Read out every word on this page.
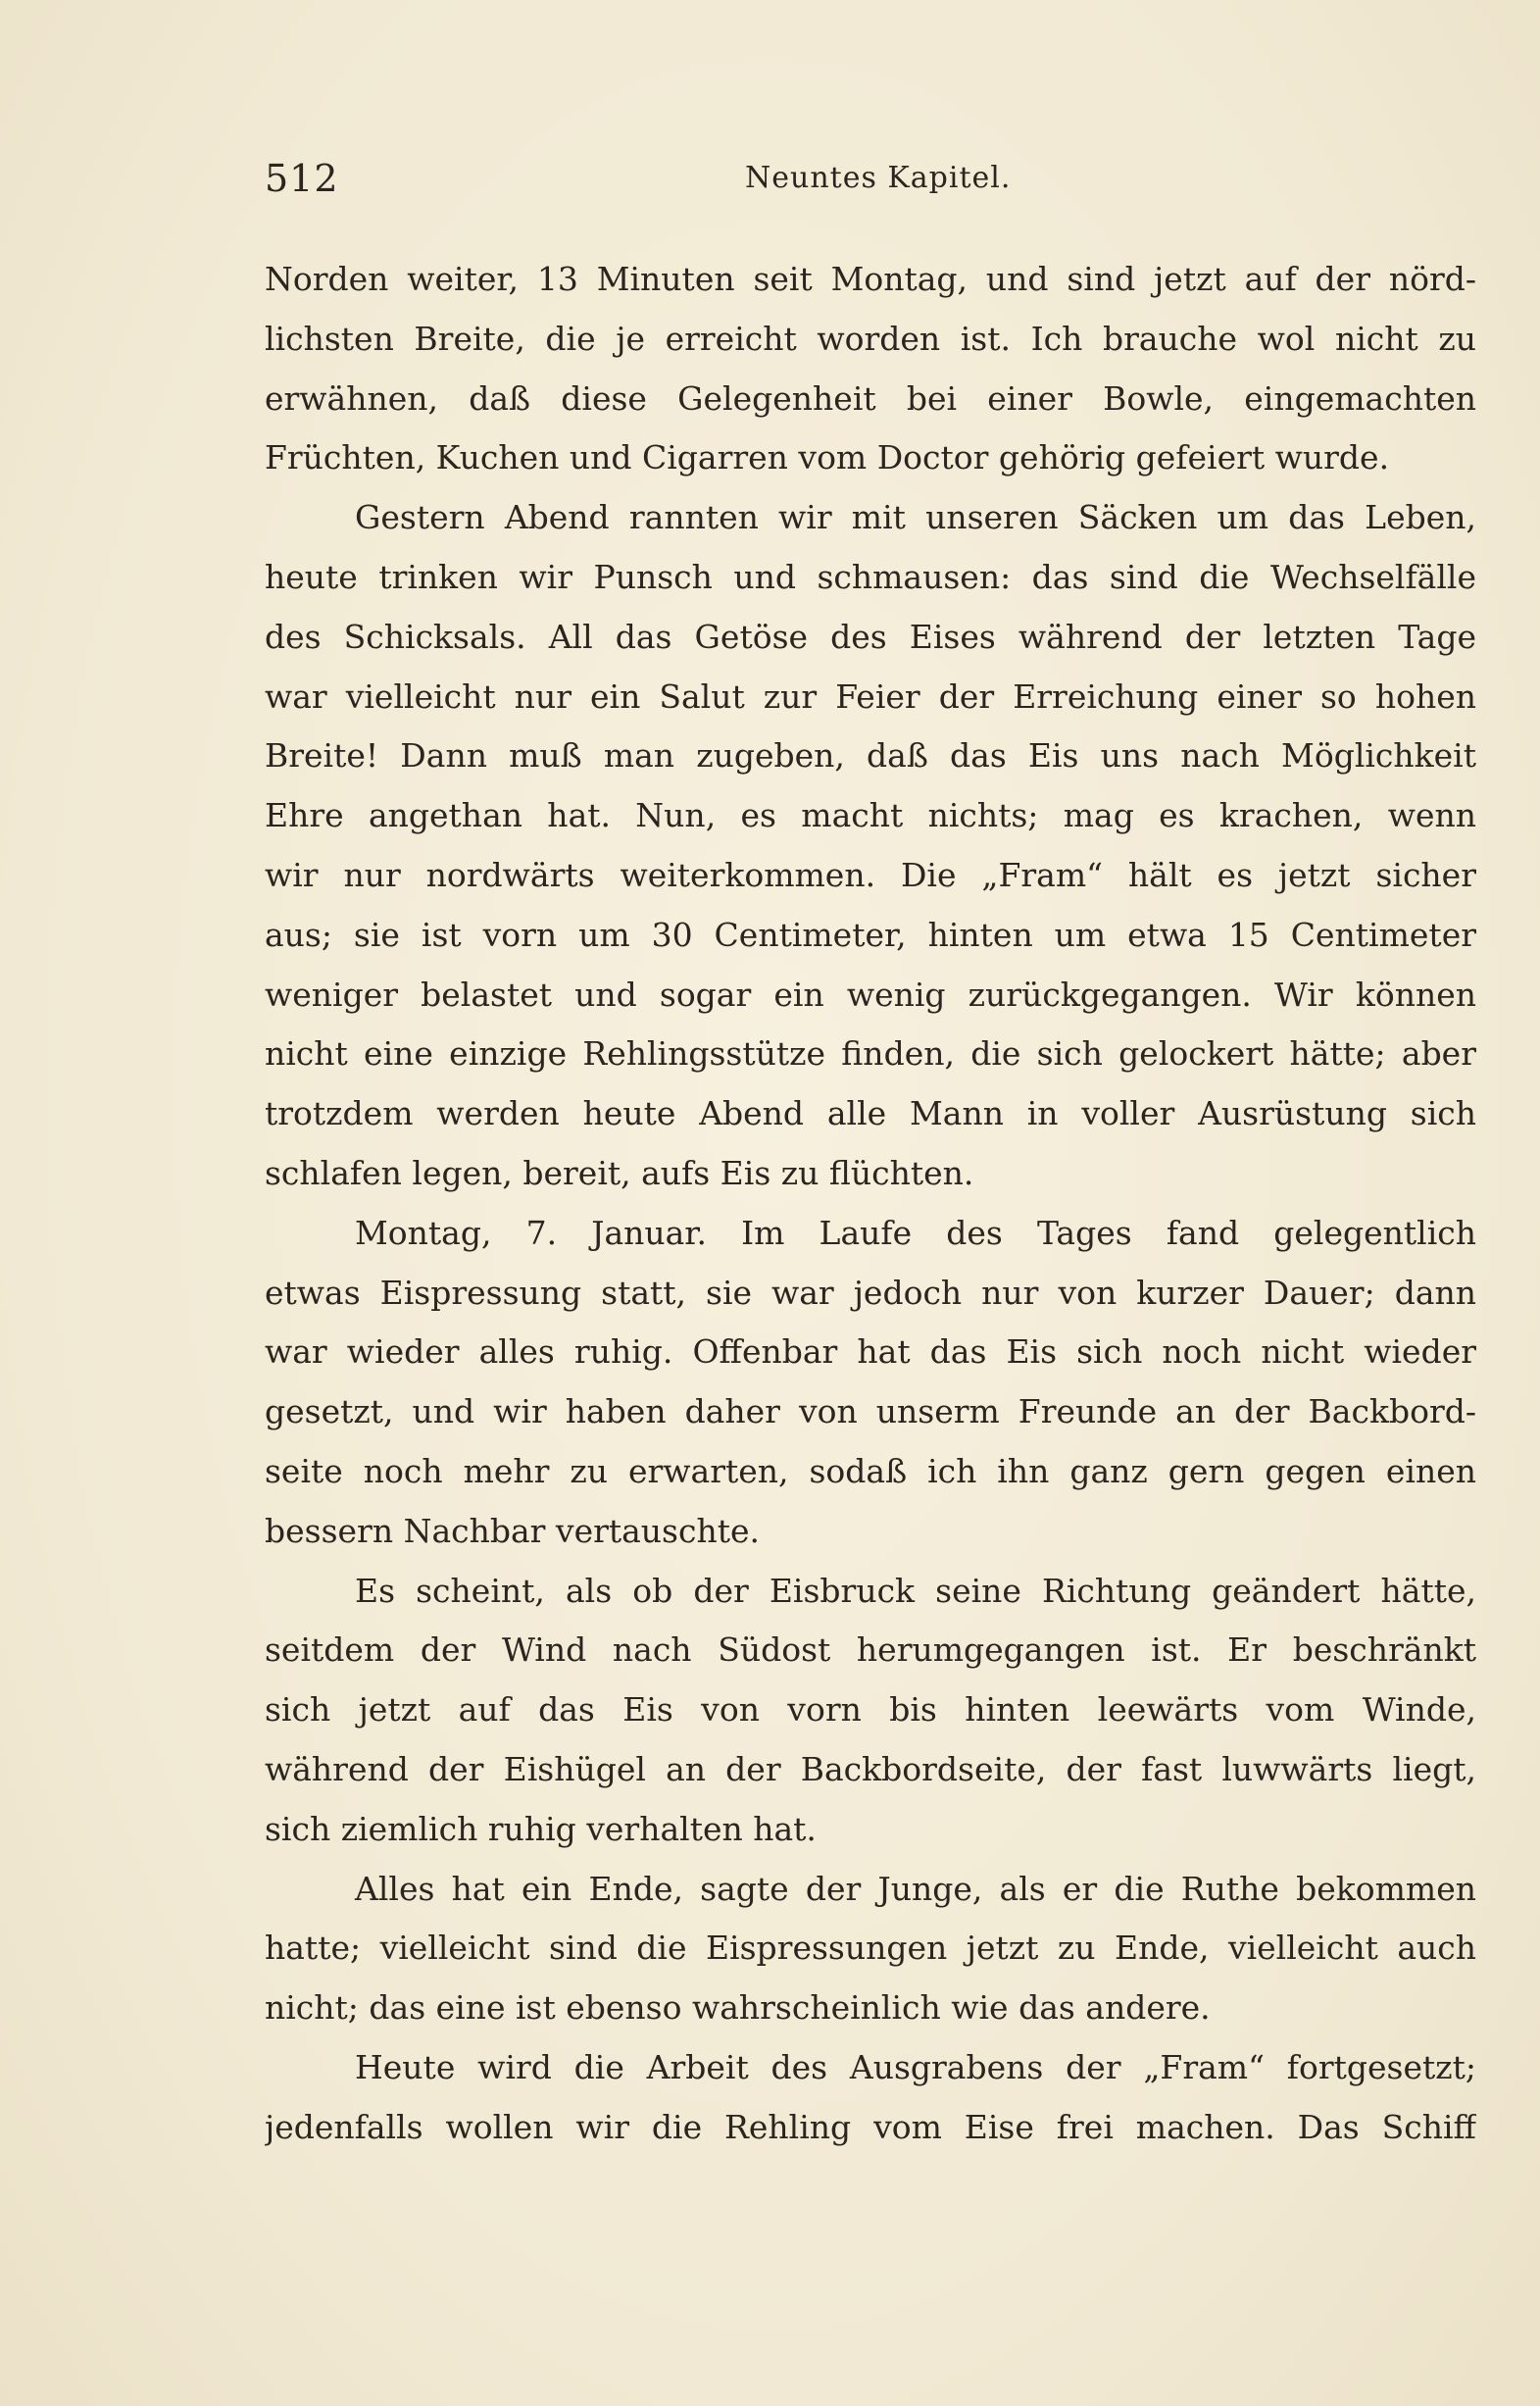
512	Neuntes Kapitel.
Norden weiter, 13 Minuten seit Montag, und sind jetzt auf der nörd-
lichsten Breite, die je erreicht worden ist. Ich brauche wol nicht zu
erwähnen, daß diese Gelegenheit bei einer Bowle, eingemachten
Früchten, Kuchen und Cigarren vom Doctor gehörig gefeiert wurde.
Gestern Abend rannten wir mit unseren Säcken um das Leben,
heute trinken wir Punsch und schmausen: das sind die Wechselfälle
des Schicksals. All das Getöse des Eises während der letzten Tage
war vielleicht nur ein Salut zur Feier der Erreichung einer so hohen
Breite! Dann muß man zugeben, daß das Eis uns nach Möglichkeit
Ehre angethan hat. Nun, es macht nichts; mag es krachen, wenn
wir nur nordwärts weiterkommen. Die „Fram“ hält es jetzt sicher
aus; sie ist vorn um 30 Centimeter, hinten um etwa 15 Centimeter
weniger belastet und sogar ein wenig zurückgegangen. Wir können
nicht eine einzige Rehlingsstütze finden, die sich gelockert hätte; aber
trotzdem werden heute Abend alle Mann in voller Ausrüstung sich
schlafen legen, bereit, aufs Eis zu flüchten.
Montag, 7. Januar. Im Laufe des Tages fand gelegentlich
etwas Eispressung statt, sie war jedoch nur von kurzer Dauer; dann
war wieder alles ruhig. Offenbar hat das Eis sich noch nicht wieder
gesetzt, und wir haben daher von unserm Freunde an der Backbord-
seite noch mehr zu erwarten, sodaß ich ihn ganz gern gegen einen
bessern Nachbar vertauschte.
Es scheint, als ob der Eisbruck seine Richtung geändert hätte,
seitdem der Wind nach Südost herumgegangen ist. Er beschränkt
sich jetzt auf das Eis von vorn bis hinten leewärts vom Winde,
während der Eishügel an der Backbordseite, der fast luwwärts liegt,
sich ziemlich ruhig verhalten hat.
Alles hat ein Ende, sagte der Junge, als er die Ruthe bekommen
hatte; vielleicht sind die Eispressungen jetzt zu Ende, vielleicht auch
nicht; das eine ist ebenso wahrscheinlich wie das andere.
Heute wird die Arbeit des Ausgrabens der „Fram“ fortgesetzt;
jedenfalls wollen wir die Rehling vom Eise frei machen. Das Schiff
